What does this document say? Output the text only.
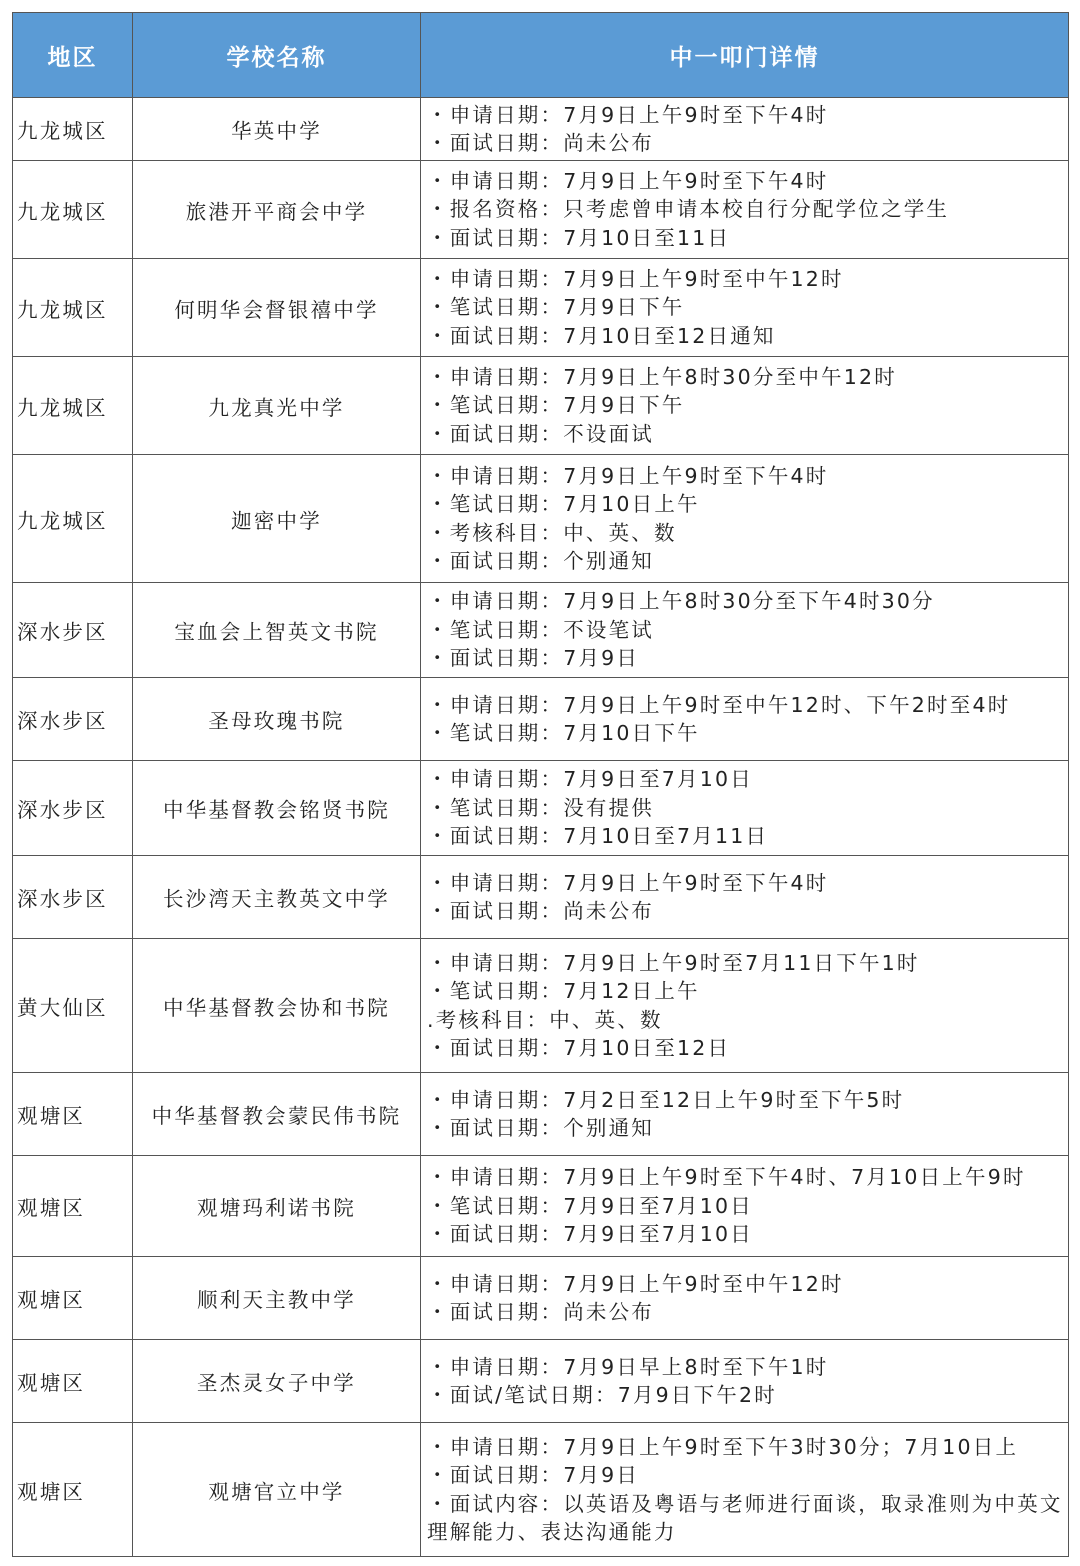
地区	学校名称	中一叩门详情
九龙城区	华英中学	・申请日期：7月9日上午9时至下午4时
・面试日期：尚未公布

九龙城区	旅港开平商会中学	・申请日期：7月9日上午9时至下午4时
・报名资格：只考虑曾申请本校自行分配学位之学生
・面试日期：7月10日至11日

九龙城区	何明华会督银禧中学	・申请日期：7月9日上午9时至中午12时
・笔试日期：7月9日下午
・面试日期：7月10日至12日通知

九龙城区	九龙真光中学	・申请日期：7月9日上午8时30分至中午12时
・笔试日期：7月9日下午
・面试日期：不设面试

九龙城区	迦密中学	・申请日期：7月9日上午9时至下午4时
・笔试日期：7月10日上午
・考核科目：中、英、数
・面试日期：个别通知

深水步区	宝血会上智英文书院	・申请日期：7月9日上午8时30分至下午4时30分
・笔试日期：不设笔试
・面试日期：7月9日

深水步区	圣母玫瑰书院	・申请日期：7月9日上午9时至中午12时、下午2时至4时
・笔试日期：7月10日下午

深水步区	中华基督教会铭贤书院	・申请日期：7月9日至7月10日
・笔试日期：没有提供
・面试日期：7月10日至7月11日

深水步区	长沙湾天主教英文中学	・申请日期：7月9日上午9时至下午4时
・面试日期：尚未公布

黄大仙区	中华基督教会协和书院	・申请日期：7月9日上午9时至7月11日下午1时
・笔试日期：7月12日上午
.考核科目：中、英、数
・面试日期：7月10日至12日

观塘区	中华基督教会蒙民伟书院	・申请日期：7月2日至12日上午9时至下午5时
・面试日期：个别通知

观塘区	观塘玛利诺书院	・申请日期：7月9日上午9时至下午4时、7月10日上午9时
・笔试日期：7月9日至7月10日
・面试日期：7月9日至7月10日

观塘区	顺利天主教中学	・申请日期：7月9日上午9时至中午12时
・面试日期：尚未公布

观塘区	圣杰灵女子中学	・申请日期：7月9日早上8时至下午1时
・面试/笔试日期：7月9日下午2时

观塘区	观塘官立中学	・申请日期：7月9日上午9时至下午3时30分；7月10日上
・面试日期：7月9日
・面试内容：以英语及粤语与老师进行面谈，取录准则为中英文理解能力、表达沟通能力
